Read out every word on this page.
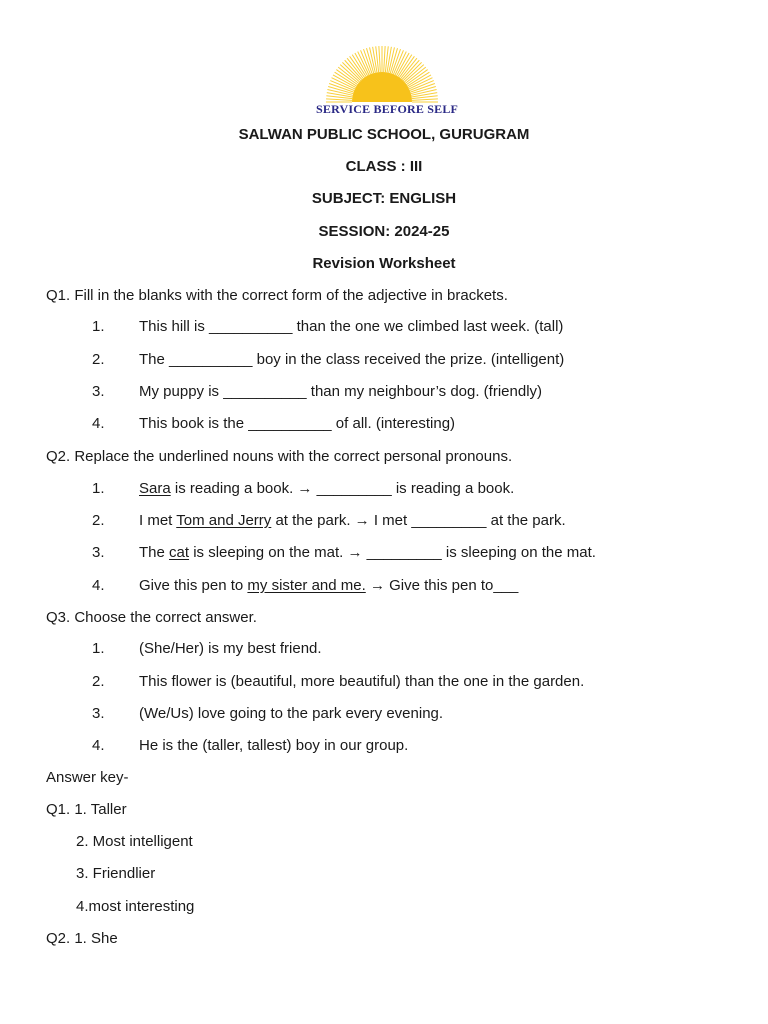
SERVICE BEFORE SELF
SALWAN PUBLIC SCHOOL, GURUGRAM
CLASS : III
SUBJECT: ENGLISH
SESSION: 2024-25
Revision Worksheet
Q1. Fill in the blanks with the correct form of the adjective in brackets.
1. This hill is __________ than the one we climbed last week. (tall)
2. The __________ boy in the class received the prize. (intelligent)
3. My puppy is __________ than my neighbour’s dog. (friendly)
4. This book is the __________ of all. (interesting)
Q2. Replace the underlined nouns with the correct personal pronouns.
1. Sara is reading a book. → _________ is reading a book.
2. I met Tom and Jerry at the park. → I met _________ at the park.
3. The cat is sleeping on the mat. → _________ is sleeping on the mat.
4. Give this pen to my sister and me. → Give this pen to___
Q3. Choose the correct answer.
1. (She/Her) is my best friend.
2. This flower is (beautiful, more beautiful) than the one in the garden.
3. (We/Us) love going to the park every evening.
4. He is the (taller, tallest) boy in our group.
Answer key-
Q1. 1. Taller
2. Most intelligent
3. Friendlier
4.most interesting
Q2. 1. She
